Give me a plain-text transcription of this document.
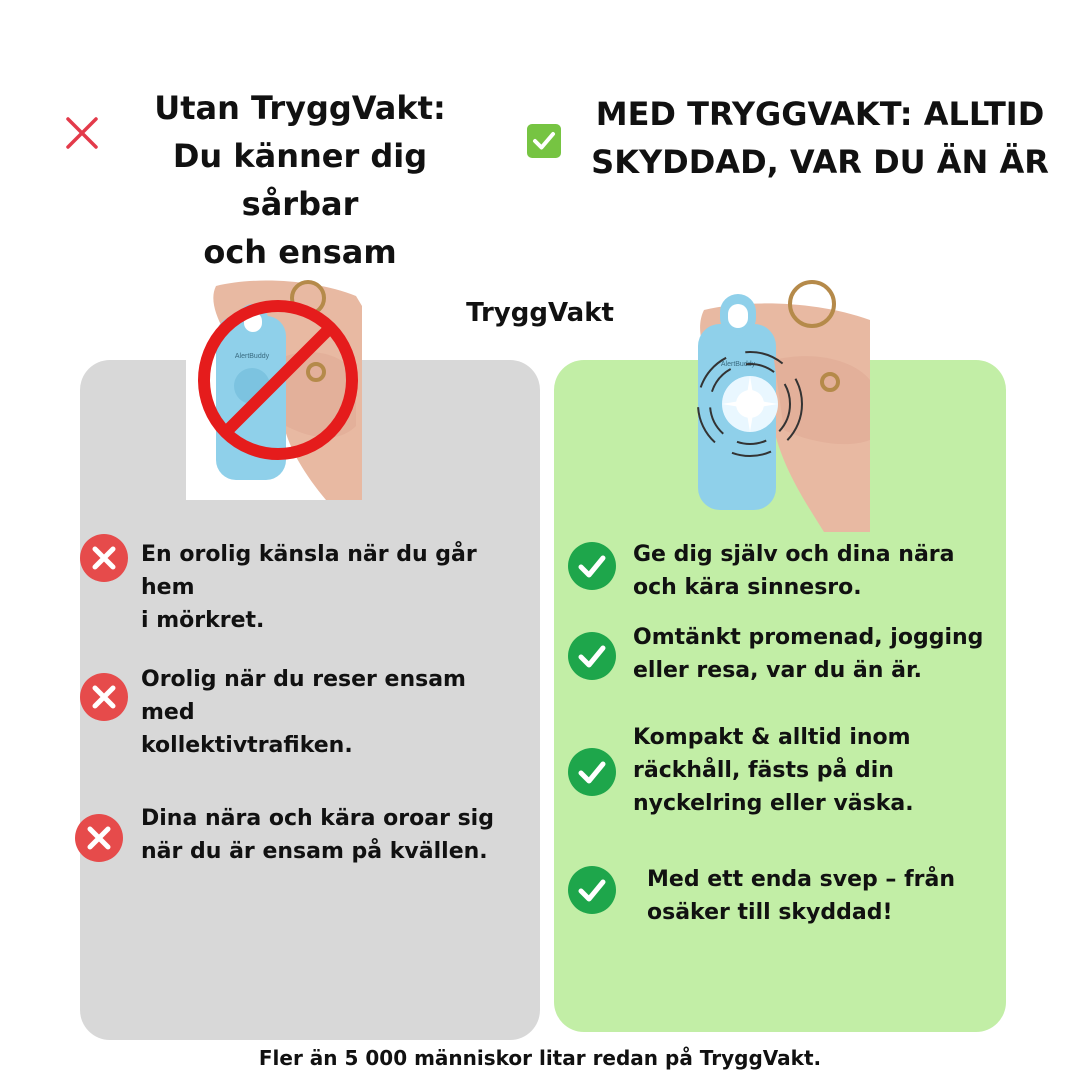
Utan TryggVakt:
Du känner dig sårbar
och ensam
MED TRYGGVAKT: ALLTID
SKYDDAD, VAR DU ÄN ÄR
TryggVakt
AlertBuddy
AlertBuddy
En orolig känsla när du går hem
i mörkret.
Orolig när du reser ensam med
kollektivtrafiken.
Dina nära och kära oroar sig
när du är ensam på kvällen.
Ge dig själv och dina nära
och kära sinnesro.
Omtänkt promenad, jogging
eller resa, var du än är.
Kompakt & alltid inom
räckhåll, fästs på din
nyckelring eller väska.
Med ett enda svep – från
osäker till skyddad!
Fler än 5 000 människor litar redan på TryggVakt.
